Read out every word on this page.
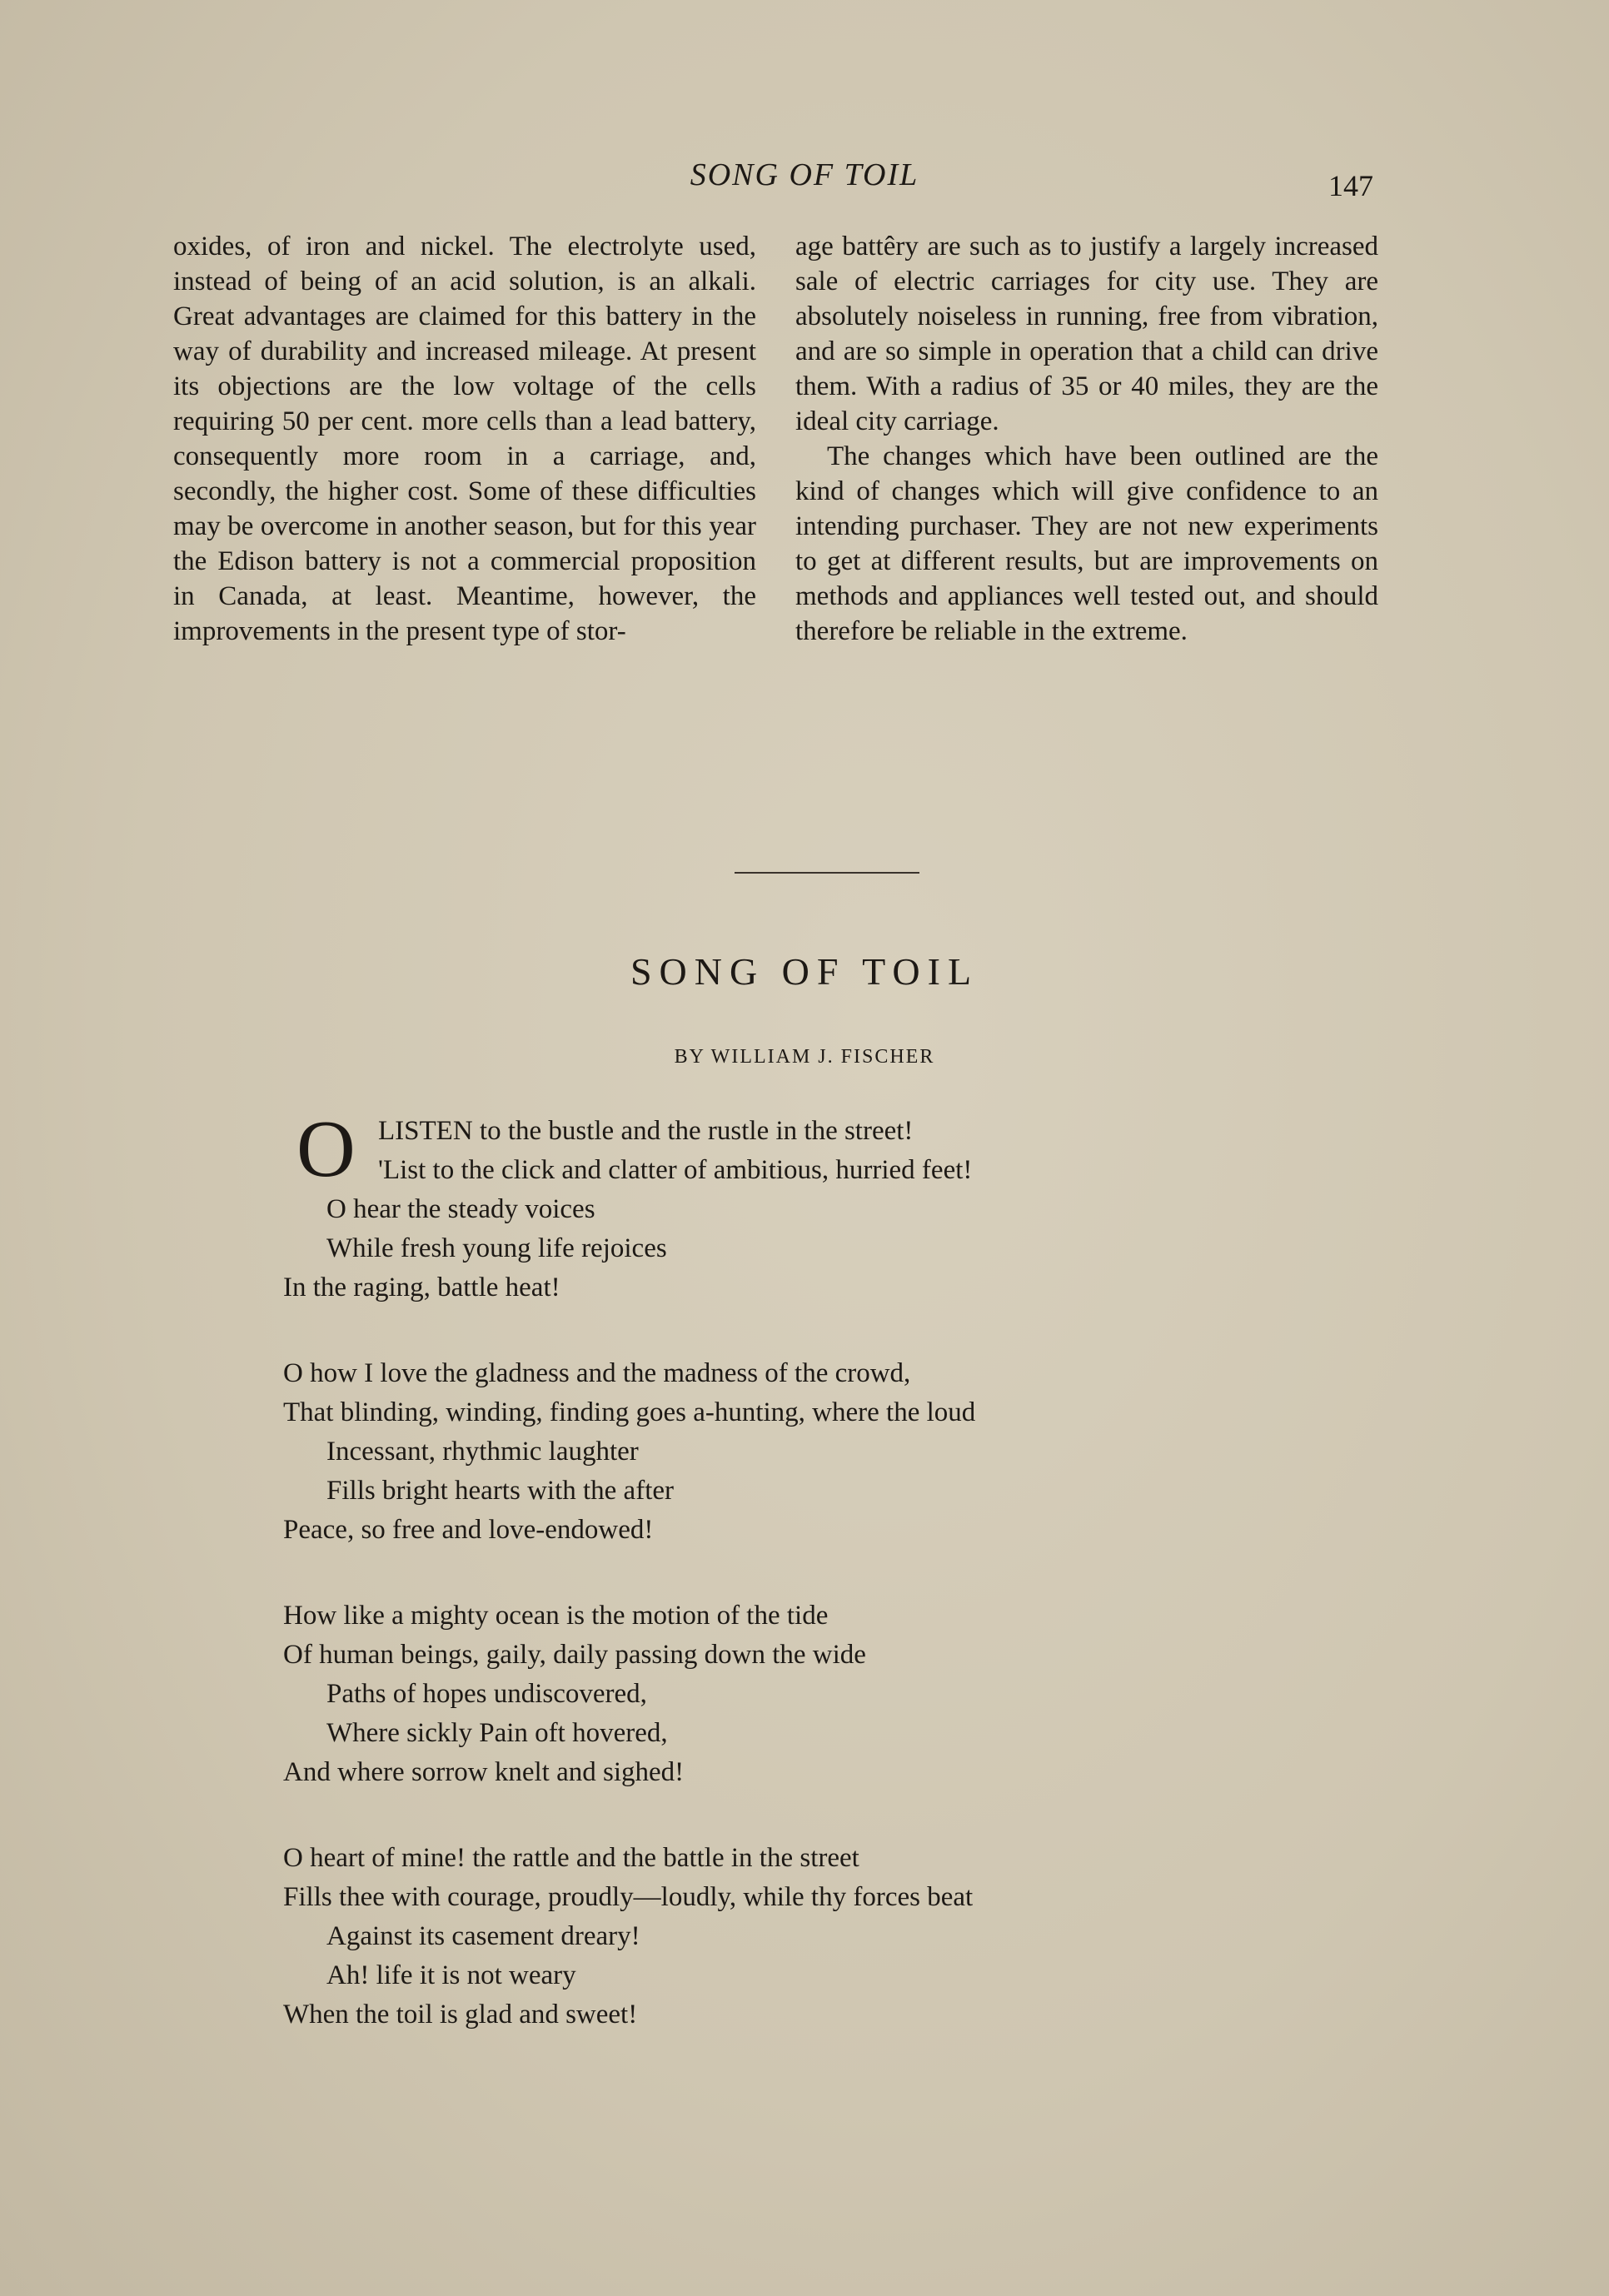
SONG OF TOIL	147

oxides, of iron and nickel. The electrolyte used, instead of being of an acid solution, is an alkali. Great advantages are claimed for this battery in the way of durability and increased mileage. At present its objections are the low voltage of the cells requiring 50 per cent. more cells than a lead battery, consequently more room in a carriage, and, secondly, the higher cost. Some of these difficulties may be overcome in another season, but for this year the Edison battery is not a commercial proposition in Canada, at least. Meantime, however, the improvements in the present type of stor-

age battêry are such as to justify a largely increased sale of electric carriages for city use. They are absolutely noiseless in running, free from vibration, and are so simple in operation that a child can drive them. With a radius of 35 or 40 miles, they are the ideal city carriage.

The changes which have been outlined are the kind of changes which will give confidence to an intending purchaser. They are not new experiments to get at different results, but are improvements on methods and appliances well tested out, and should therefore be reliable in the extreme.

SONG OF TOIL
BY WILLIAM J. FISCHER
O LISTEN to the bustle and the rustle in the street!
'List to the click and clatter of ambitious, hurried feet!
O hear the steady voices
While fresh young life rejoices
In the raging, battle heat!
O how I love the gladness and the madness of the crowd,
That blinding, winding, finding goes a-hunting, where the loud
Incessant, rhythmic laughter
Fills bright hearts with the after
Peace, so free and love-endowed!
How like a mighty ocean is the motion of the tide
Of human beings, gaily, daily passing down the wide
Paths of hopes undiscovered,
Where sickly Pain oft hovered,
And where sorrow knelt and sighed!
O heart of mine! the rattle and the battle in the street
Fills thee with courage, proudly—loudly, while thy forces beat
Against its casement dreary!
Ah! life it is not weary
When the toil is glad and sweet!
